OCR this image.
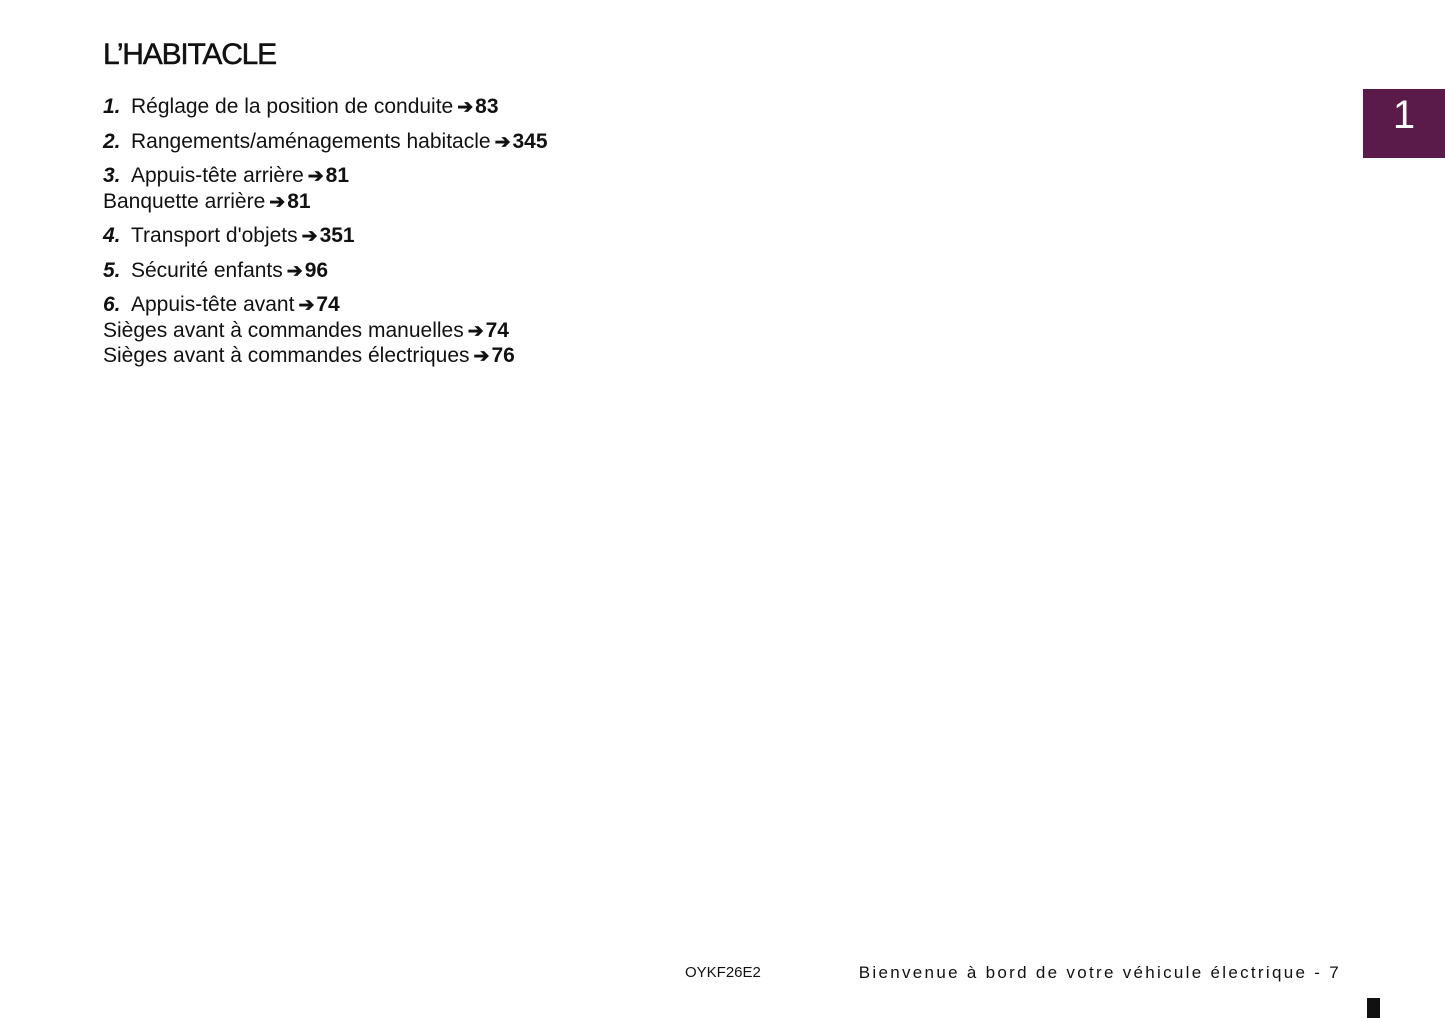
L’HABITACLE
1. Réglage de la position de conduite ➔83
2. Rangements/aménagements habitacle ➔345
3. Appuis-tête arrière ➔81
Banquette arrière ➔81
4. Transport d'objets ➔351
5. Sécurité enfants ➔96
6. Appuis-tête avant ➔74
Sièges avant à commandes manuelles ➔74
Sièges avant à commandes électriques ➔76
1
OYKF26E2	Bienvenue à bord de votre véhicule électrique - 7
